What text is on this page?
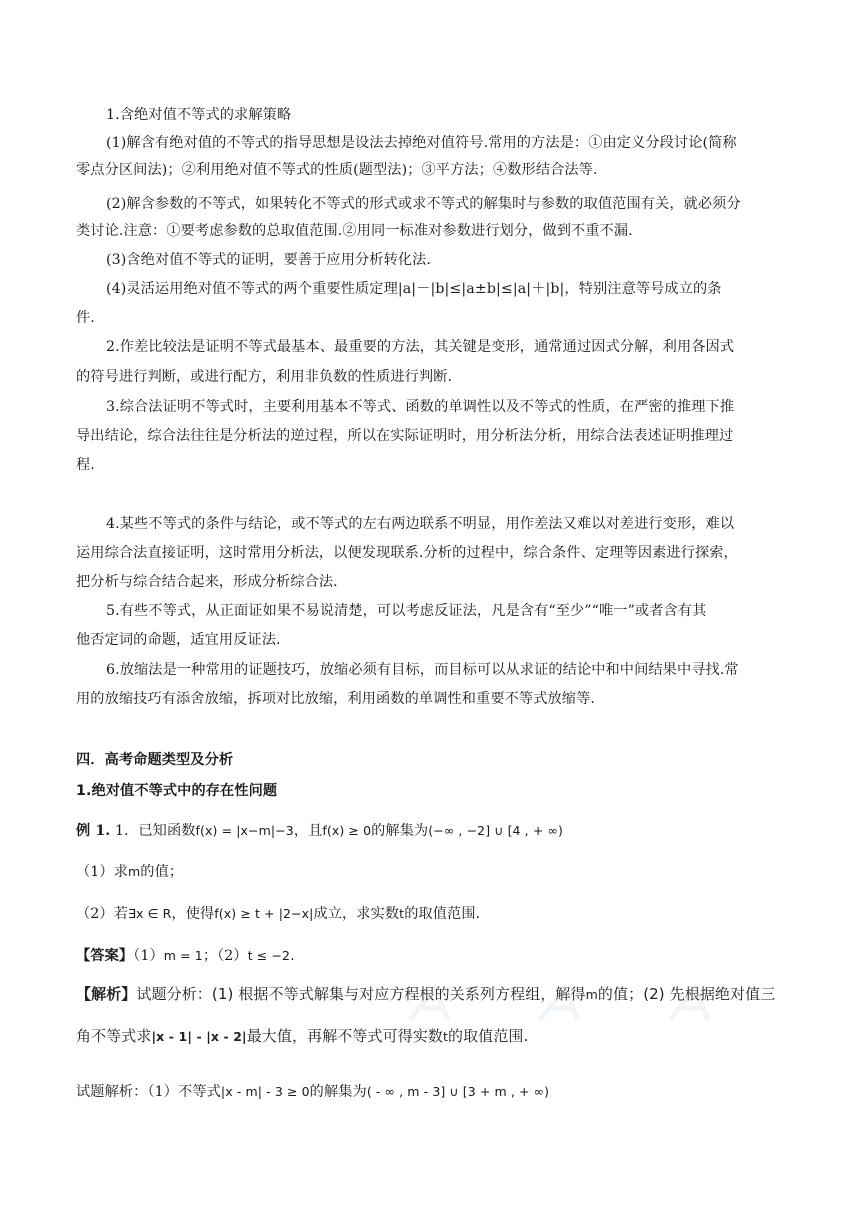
1.含绝对值不等式的求解策略
(1)解含有绝对值的不等式的指导思想是设法去掉绝对值符号.常用的方法是：①由定义分段讨论(简称
零点分区间法)；②利用绝对值不等式的性质(题型法)；③平方法；④数形结合法等.
(2)解含参数的不等式，如果转化不等式的形式或求不等式的解集时与参数的取值范围有关，就必须分
类讨论.注意：①要考虑参数的总取值范围.②用同一标准对参数进行划分，做到不重不漏.
(3)含绝对值不等式的证明，要善于应用分析转化法.
(4)灵活运用绝对值不等式的两个重要性质定理|a|－|b|≤|a±b|≤|a|＋|b|，特别注意等号成立的条
件.
2.作差比较法是证明不等式最基本、最重要的方法，其关键是变形，通常通过因式分解，利用各因式
的符号进行判断，或进行配方，利用非负数的性质进行判断.
3.综合法证明不等式时，主要利用基本不等式、函数的单调性以及不等式的性质，在严密的推理下推
导出结论，综合法往往是分析法的逆过程，所以在实际证明时，用分析法分析，用综合法表述证明推理过
程.
4.某些不等式的条件与结论，或不等式的左右两边联系不明显，用作差法又难以对差进行变形，难以
运用综合法直接证明，这时常用分析法，以便发现联系.分析的过程中，综合条件、定理等因素进行探索，
把分析与综合结合起来，形成分析综合法.
5.有些不等式，从正面证如果不易说清楚，可以考虑反证法，凡是含有“至少”“唯一”或者含有其
他否定词的命题，适宜用反证法.
6.放缩法是一种常用的证题技巧，放缩必须有目标，而目标可以从求证的结论中和中间结果中寻找.常
用的放缩技巧有添舍放缩，拆项对比放缩，利用函数的单调性和重要不等式放缩等.
四．高考命题类型及分析
1.绝对值不等式中的存在性问题
例 1. 1．已知函数f(x) = |x−m|−3，且f(x) ≥ 0的解集为(−∞ , −2] ∪ [4 , + ∞)
（1）求m的值；
（2）若∃x ∈ R，使得f(x) ≥ t + |2−x|成立，求实数t的取值范围.
【答案】（1）m = 1；（2）t ≤ −2.
【解析】试题分析：(1) 根据不等式解集与对应方程根的关系列方程组，解得m的值；(2) 先根据绝对值三
角不等式求|x - 1| - |x - 2|最大值，再解不等式可得实数t的取值范围.
试题解析：（1）不等式|x - m| - 3 ≥ 0的解集为( - ∞ , m - 3] ∪ [3 + m , + ∞)
